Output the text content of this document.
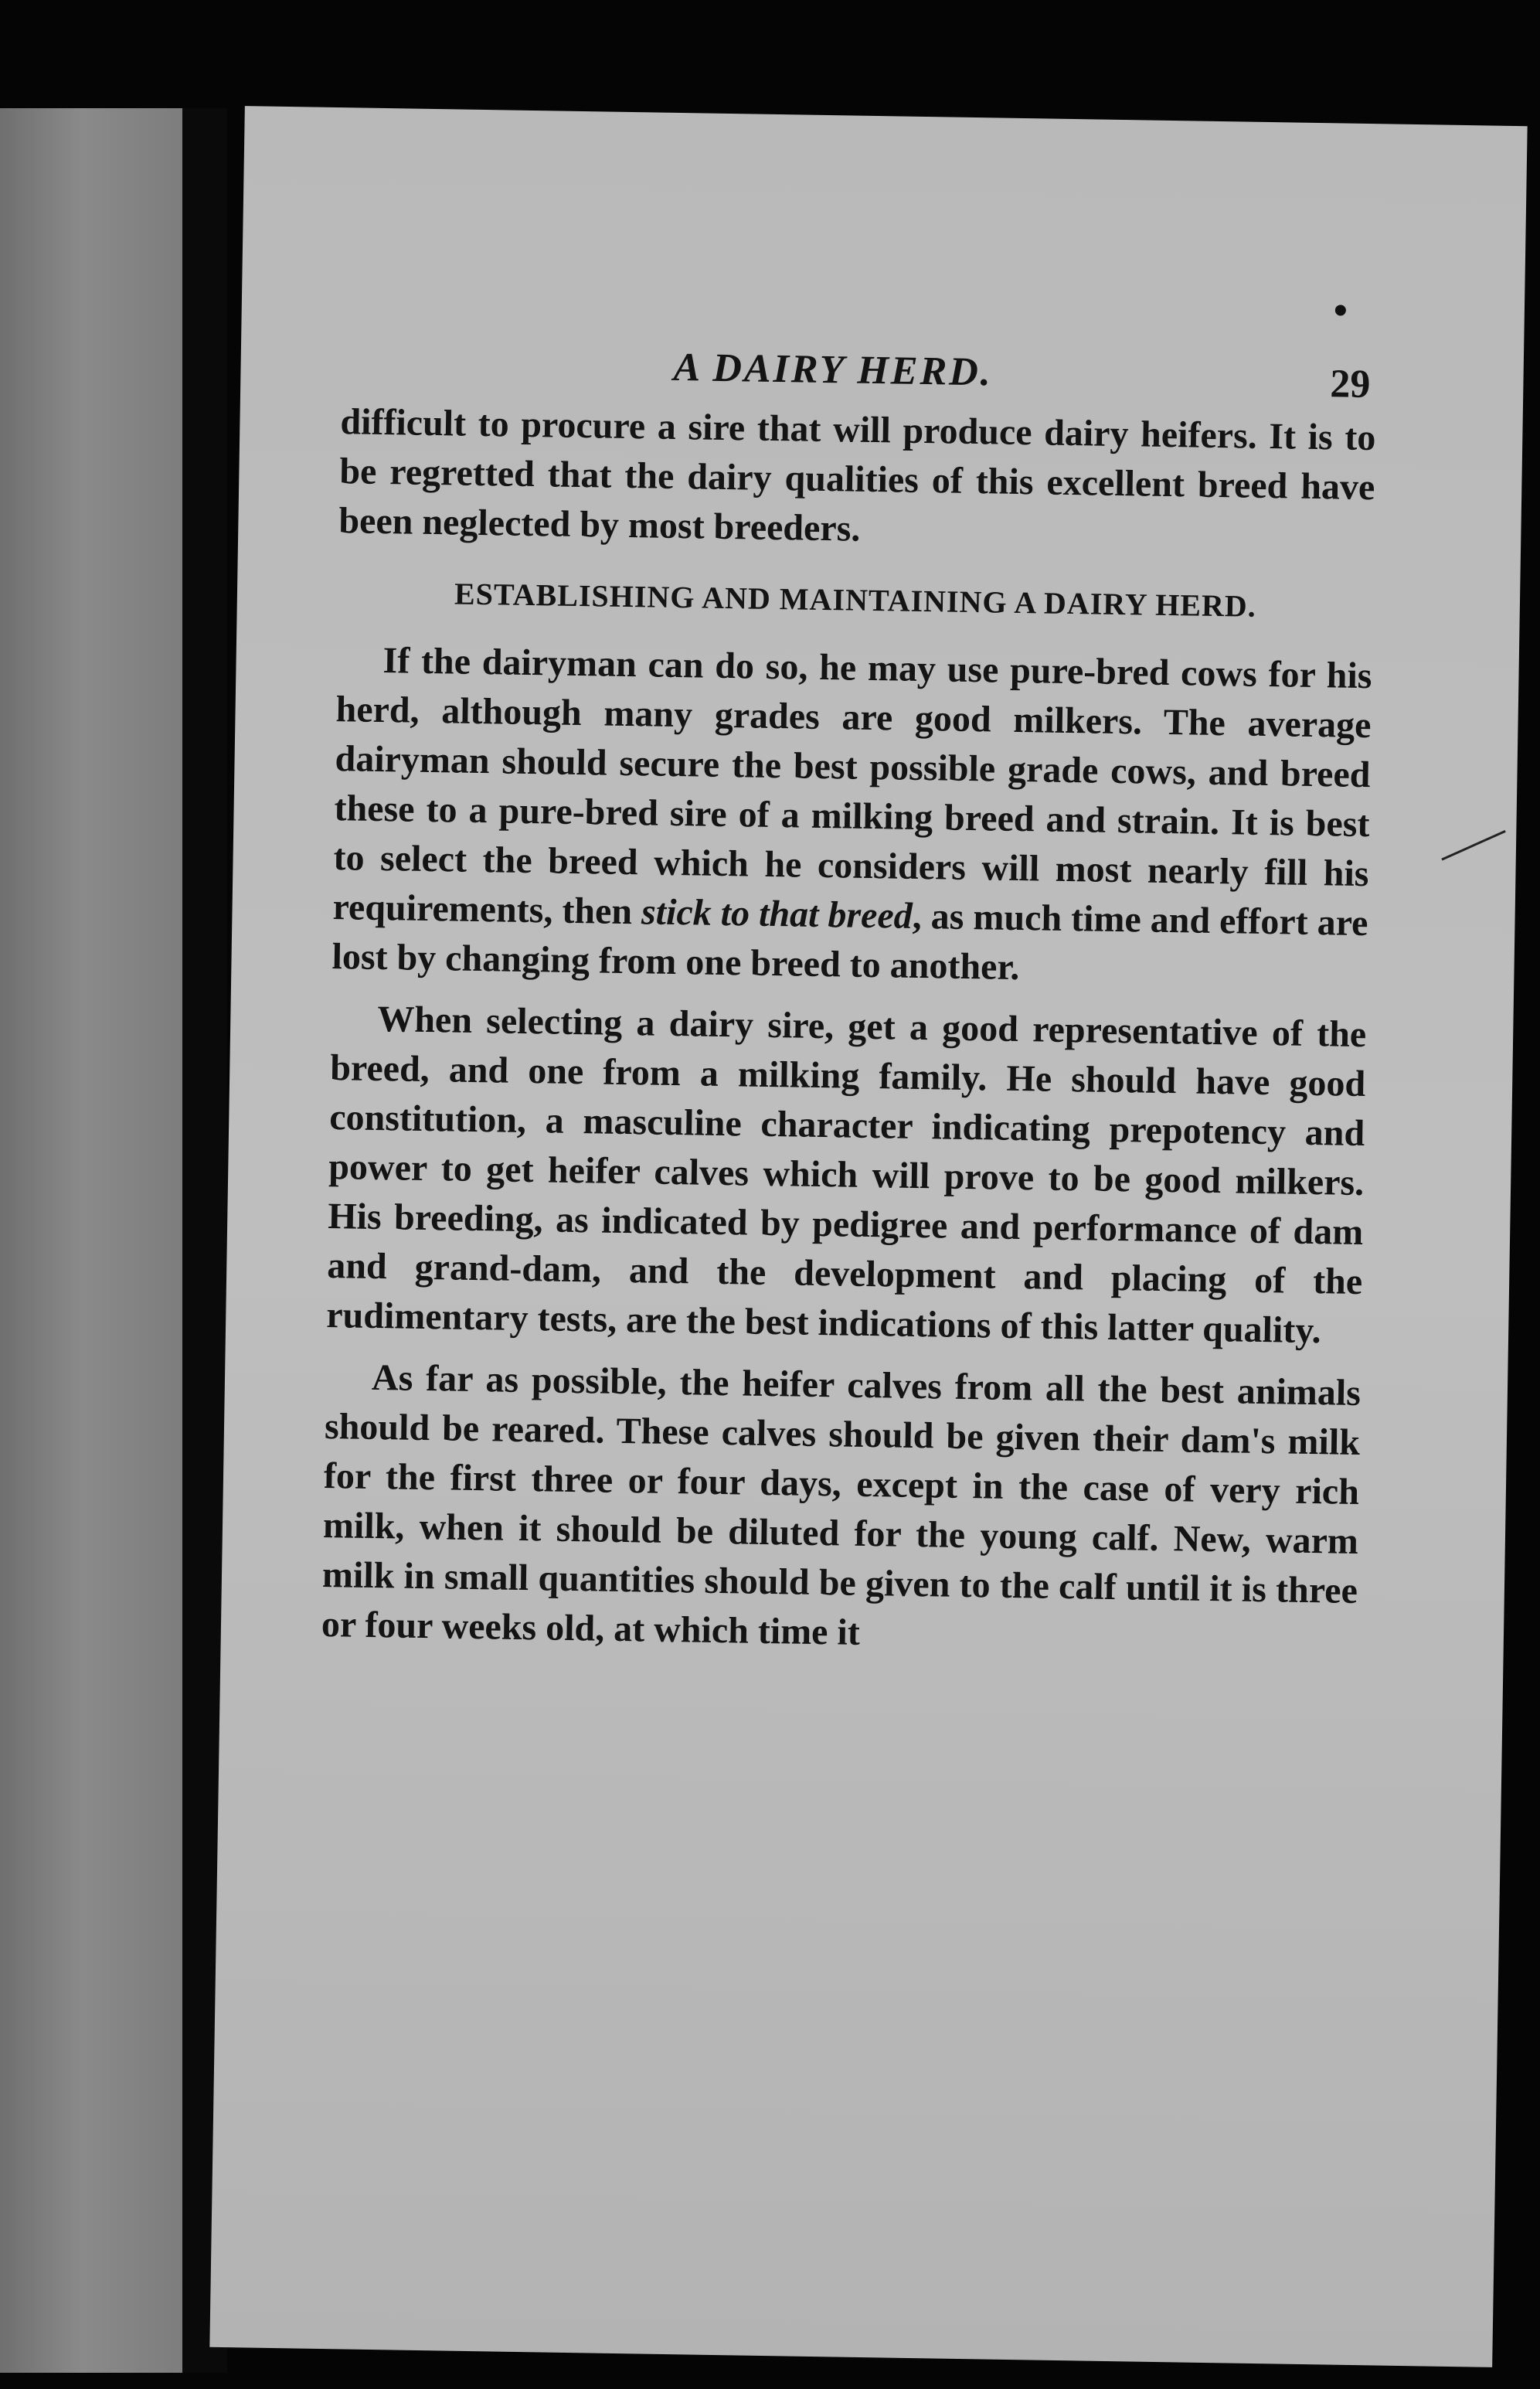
A DAIRY HERD.	29

difficult to procure a sire that will produce dairy heifers. It is to be regretted that the dairy qualities of this excellent breed have been neglected by most breeders.

ESTABLISHING AND MAINTAINING A DAIRY HERD.

If the dairyman can do so, he may use pure-bred cows for his herd, although many grades are good milkers. The average dairyman should secure the best possible grade cows, and breed these to a pure-bred sire of a milking breed and strain. It is best to select the breed which he considers will most nearly fill his requirements, then stick to that breed, as much time and effort are lost by changing from one breed to another.

When selecting a dairy sire, get a good representative of the breed, and one from a milking family. He should have good constitution, a masculine character indicating prepotency and power to get heifer calves which will prove to be good milkers. His breeding, as indicated by pedigree and performance of dam and grand-dam, and the development and placing of the rudimentary tests, are the best indications of this latter quality.

As far as possible, the heifer calves from all the best animals should be reared. These calves should be given their dam's milk for the first three or four days, except in the case of very rich milk, when it should be diluted for the young calf. New, warm milk in small quantities should be given to the calf until it is three or four weeks old, at which time it
